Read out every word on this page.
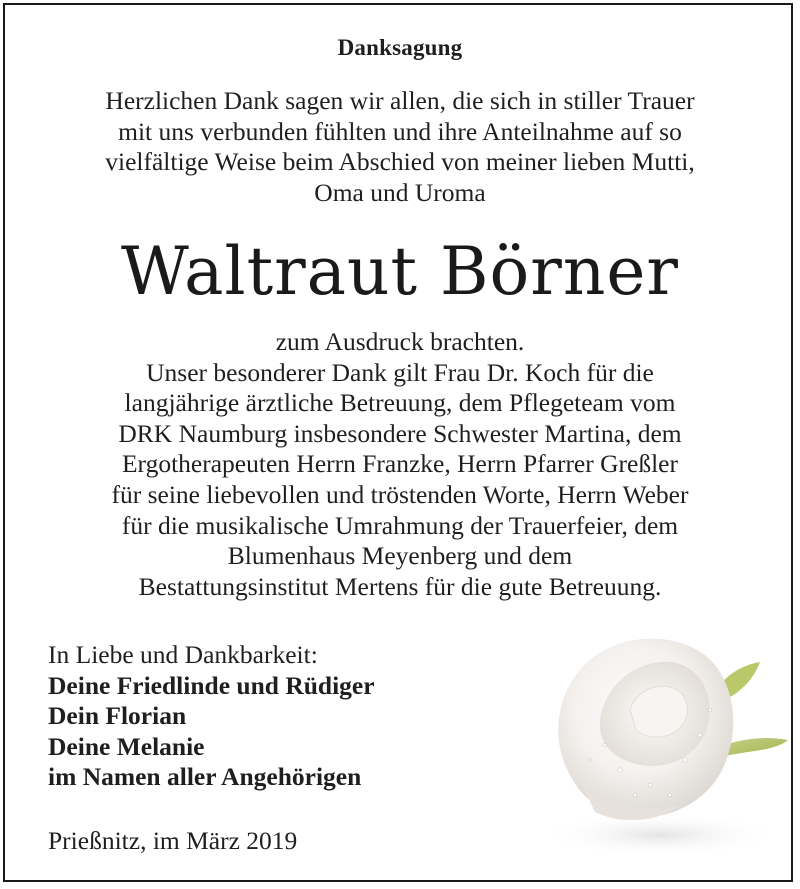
Danksagung
Herzlichen Dank sagen wir allen, die sich in stiller Trauer
mit uns verbunden fühlten und ihre Anteilnahme auf so
vielfältige Weise beim Abschied von meiner lieben Mutti,
Oma und Uroma
Waltraut Börner
zum Ausdruck brachten.
Unser besonderer Dank gilt Frau Dr. Koch für die
langjährige ärztliche Betreuung, dem Pflegeteam vom
DRK Naumburg insbesondere Schwester Martina, dem
Ergotherapeuten Herrn Franzke, Herrn Pfarrer Greßler
für seine liebevollen und tröstenden Worte, Herrn Weber
für die musikalische Umrahmung der Trauerfeier, dem
Blumenhaus Meyenberg und dem
Bestattungsinstitut Mertens für die gute Betreuung.
In Liebe und Dankbarkeit:
Deine Friedlinde und Rüdiger
Dein Florian
Deine Melanie
im Namen aller Angehörigen
Prießnitz, im März 2019
